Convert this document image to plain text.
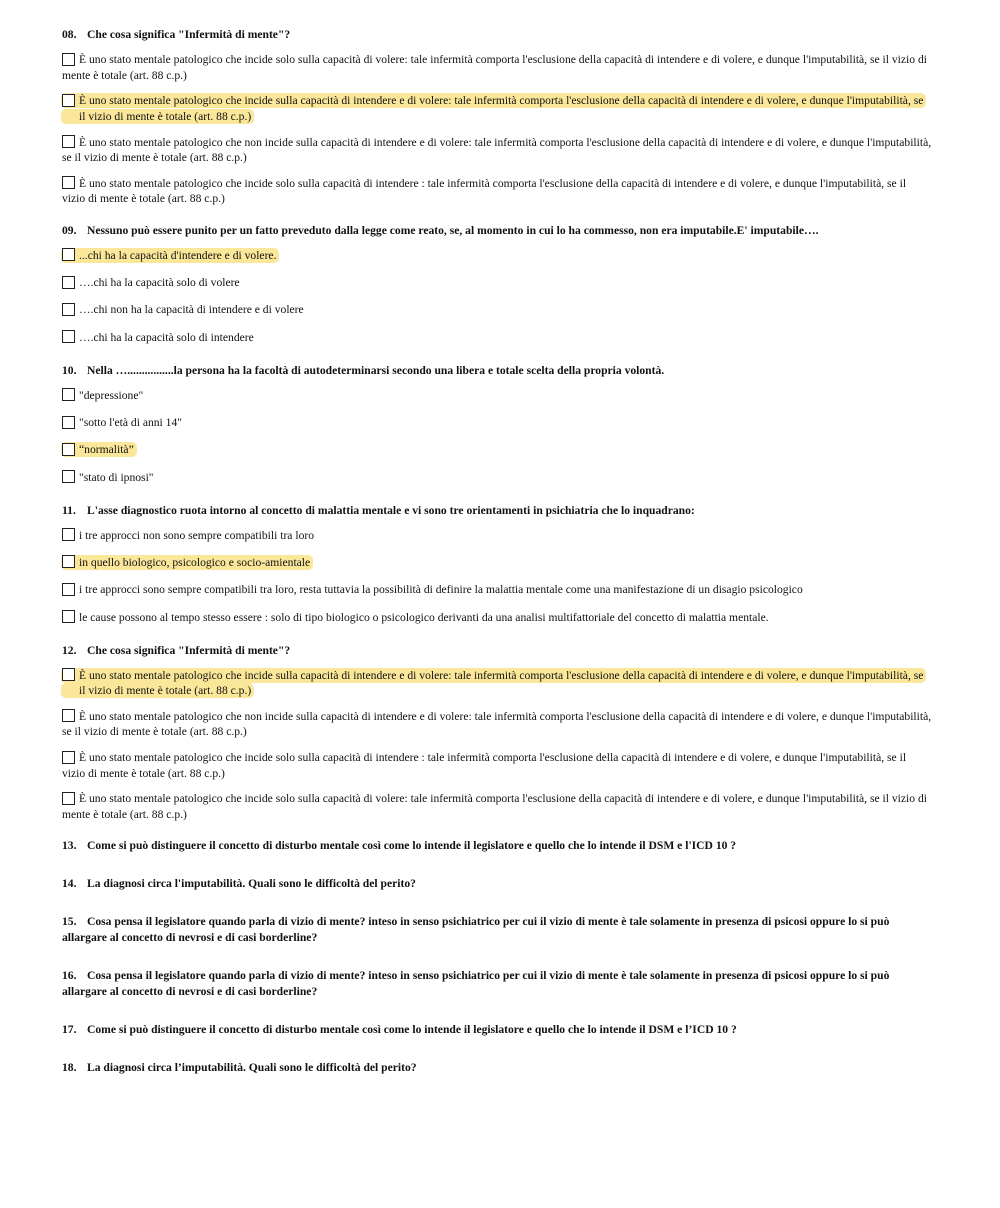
08. Che cosa significa "Infermità di mente"?
È uno stato mentale patologico che incide solo sulla capacità di volere: tale infermità comporta l'esclusione della capacità di intendere e di volere, e dunque l'imputabilità, se il vizio di mente è totale (art. 88 c.p.)
È uno stato mentale patologico che incide sulla capacità di intendere e di volere: tale infermità comporta l'esclusione della capacità di intendere e di volere, e dunque l'imputabilità, se il vizio di mente è totale (art. 88 c.p.)
È uno stato mentale patologico che non incide sulla capacità di intendere e di volere: tale infermità comporta l'esclusione della capacità di intendere e di volere, e dunque l'imputabilità, se il vizio di mente è totale (art. 88 c.p.)
È uno stato mentale patologico che incide solo sulla capacità di intendere : tale infermità comporta l'esclusione della capacità di intendere e di volere, e dunque l'imputabilità, se il vizio di mente è totale (art. 88 c.p.)
09. Nessuno può essere punito per un fatto preveduto dalla legge come reato, se, al momento in cui lo ha commesso, non era imputabile.E' imputabile….
...chi ha la capacità d'intendere e di volere.
….chi ha la capacità solo di volere
….chi non ha la capacità di intendere e di volere
….chi ha la capacità solo di intendere
10. Nella …................la persona ha la facoltà di autodeterminarsi secondo una libera e totale scelta della propria volontà.
"depressione"
"sotto l'età di anni 14"
“normalità”
"stato di ipnosi"
11. L'asse diagnostico ruota intorno al concetto di malattia mentale e vi sono tre orientamenti in psichiatria che lo inquadrano:
i tre approcci non sono sempre compatibili tra loro
in quello biologico, psicologico e socio-amientale
i tre approcci sono sempre compatibili tra loro, resta tuttavia la possibilità di definire la malattia mentale come una manifestazione di un disagio psicologico
le cause possono al tempo stesso essere : solo di tipo biologico o psicologico derivanti da una analisi multifattoriale del concetto di malattia mentale.
12. Che cosa significa "Infermità di mente"?
È uno stato mentale patologico che incide sulla capacità di intendere e di volere: tale infermità comporta l'esclusione della capacità di intendere e di volere, e dunque l'imputabilità, se il vizio di mente è totale (art. 88 c.p.)
È uno stato mentale patologico che non incide sulla capacità di intendere e di volere: tale infermità comporta l'esclusione della capacità di intendere e di volere, e dunque l'imputabilità, se il vizio di mente è totale (art. 88 c.p.)
È uno stato mentale patologico che incide solo sulla capacità di intendere : tale infermità comporta l'esclusione della capacità di intendere e di volere, e dunque l'imputabilità, se il vizio di mente è totale (art. 88 c.p.)
È uno stato mentale patologico che incide solo sulla capacità di volere: tale infermità comporta l'esclusione della capacità di intendere e di volere, e dunque l'imputabilità, se il vizio di mente è totale (art. 88 c.p.)
13. Come si può distinguere il concetto di disturbo mentale così come lo intende il legislatore e quello che lo intende il DSM e l'ICD 10 ?
14. La diagnosi circa l'imputabilità. Quali sono le difficoltà del perito?
15. Cosa pensa il legislatore quando parla di vizio di mente? inteso in senso psichiatrico per cui il vizio di mente è tale solamente in presenza di psicosi oppure lo si può allargare al concetto di nevrosi e di casi borderline?
16. Cosa pensa il legislatore quando parla di vizio di mente? inteso in senso psichiatrico per cui il vizio di mente è tale solamente in presenza di psicosi oppure lo si può allargare al concetto di nevrosi e di casi borderline?
17. Come si può distinguere il concetto di disturbo mentale così come lo intende il legislatore e quello che lo intende il DSM e l’ICD 10 ?
18. La diagnosi circa l’imputabilità. Quali sono le difficoltà del perito?
